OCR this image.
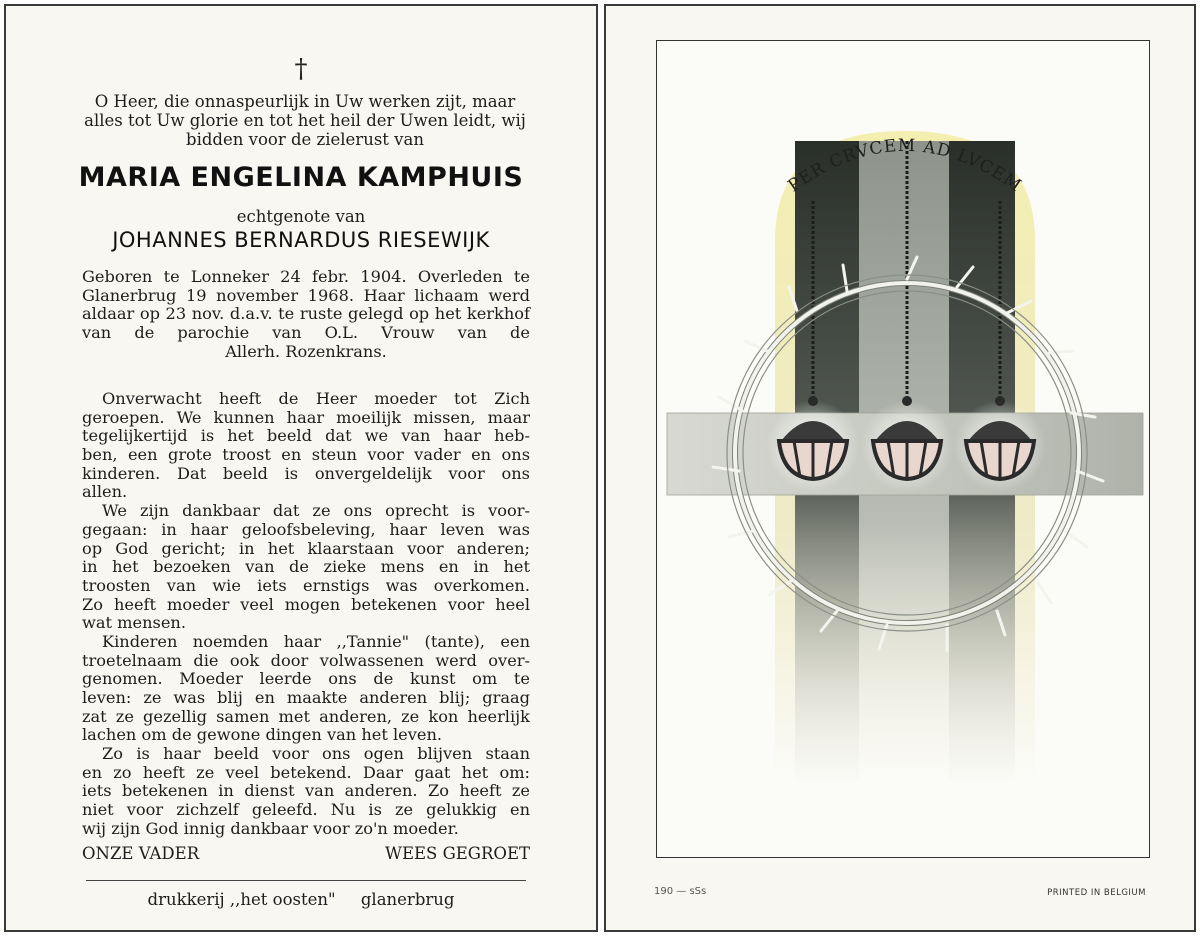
†
O Heer, die onnaspeurlijk in Uw werken zijt, maar alles tot Uw glorie en tot het heil der Uwen leidt, wij bidden voor de zielerust van
MARIA ENGELINA KAMPHUIS
echtgenote van
JOHANNES BERNARDUS RIESEWIJK
Geboren te Lonneker 24 febr. 1904. Overleden te Glanerbrug 19 november 1968. Haar lichaam werd aldaar op 23 nov. d.a.v. te ruste gelegd op het kerkhof van de parochie van O.L. Vrouw van de
Allerh. Rozenkrans.
Onverwacht heeft de Heer moeder tot Zich
geroepen. We kunnen haar moeilijk missen, maar
tegelijkertijd is het beeld dat we van haar heb-
ben, een grote troost en steun voor vader en ons
kinderen. Dat beeld is onvergeldelijk voor ons
allen.
We zijn dankbaar dat ze ons oprecht is voor-
gegaan: in haar geloofsbeleving, haar leven was
op God gericht; in het klaarstaan voor anderen;
in het bezoeken van de zieke mens en in het
troosten van wie iets ernstigs was overkomen.
Zo heeft moeder veel mogen betekenen voor heel
wat mensen.
Kinderen noemden haar ,,Tannie" (tante), een
troetelnaam die ook door volwassenen werd over-
genomen. Moeder leerde ons de kunst om te
leven: ze was blij en maakte anderen blij; graag
zat ze gezellig samen met anderen, ze kon heerlijk
lachen om de gewone dingen van het leven.
Zo is haar beeld voor ons ogen blijven staan
en zo heeft ze veel betekend. Daar gaat het om:
iets betekenen in dienst van anderen. Zo heeft ze
niet voor zichzelf geleefd. Nu is ze gelukkig en
wij zijn God innig dankbaar voor zo'n moeder.
ONZE VADER	WEES GEGROET
drukkerij ,,het oosten" glanerbrug
PER CRVCEM AD LVCEM
190 — sSs	PRINTED IN BELGIUM
